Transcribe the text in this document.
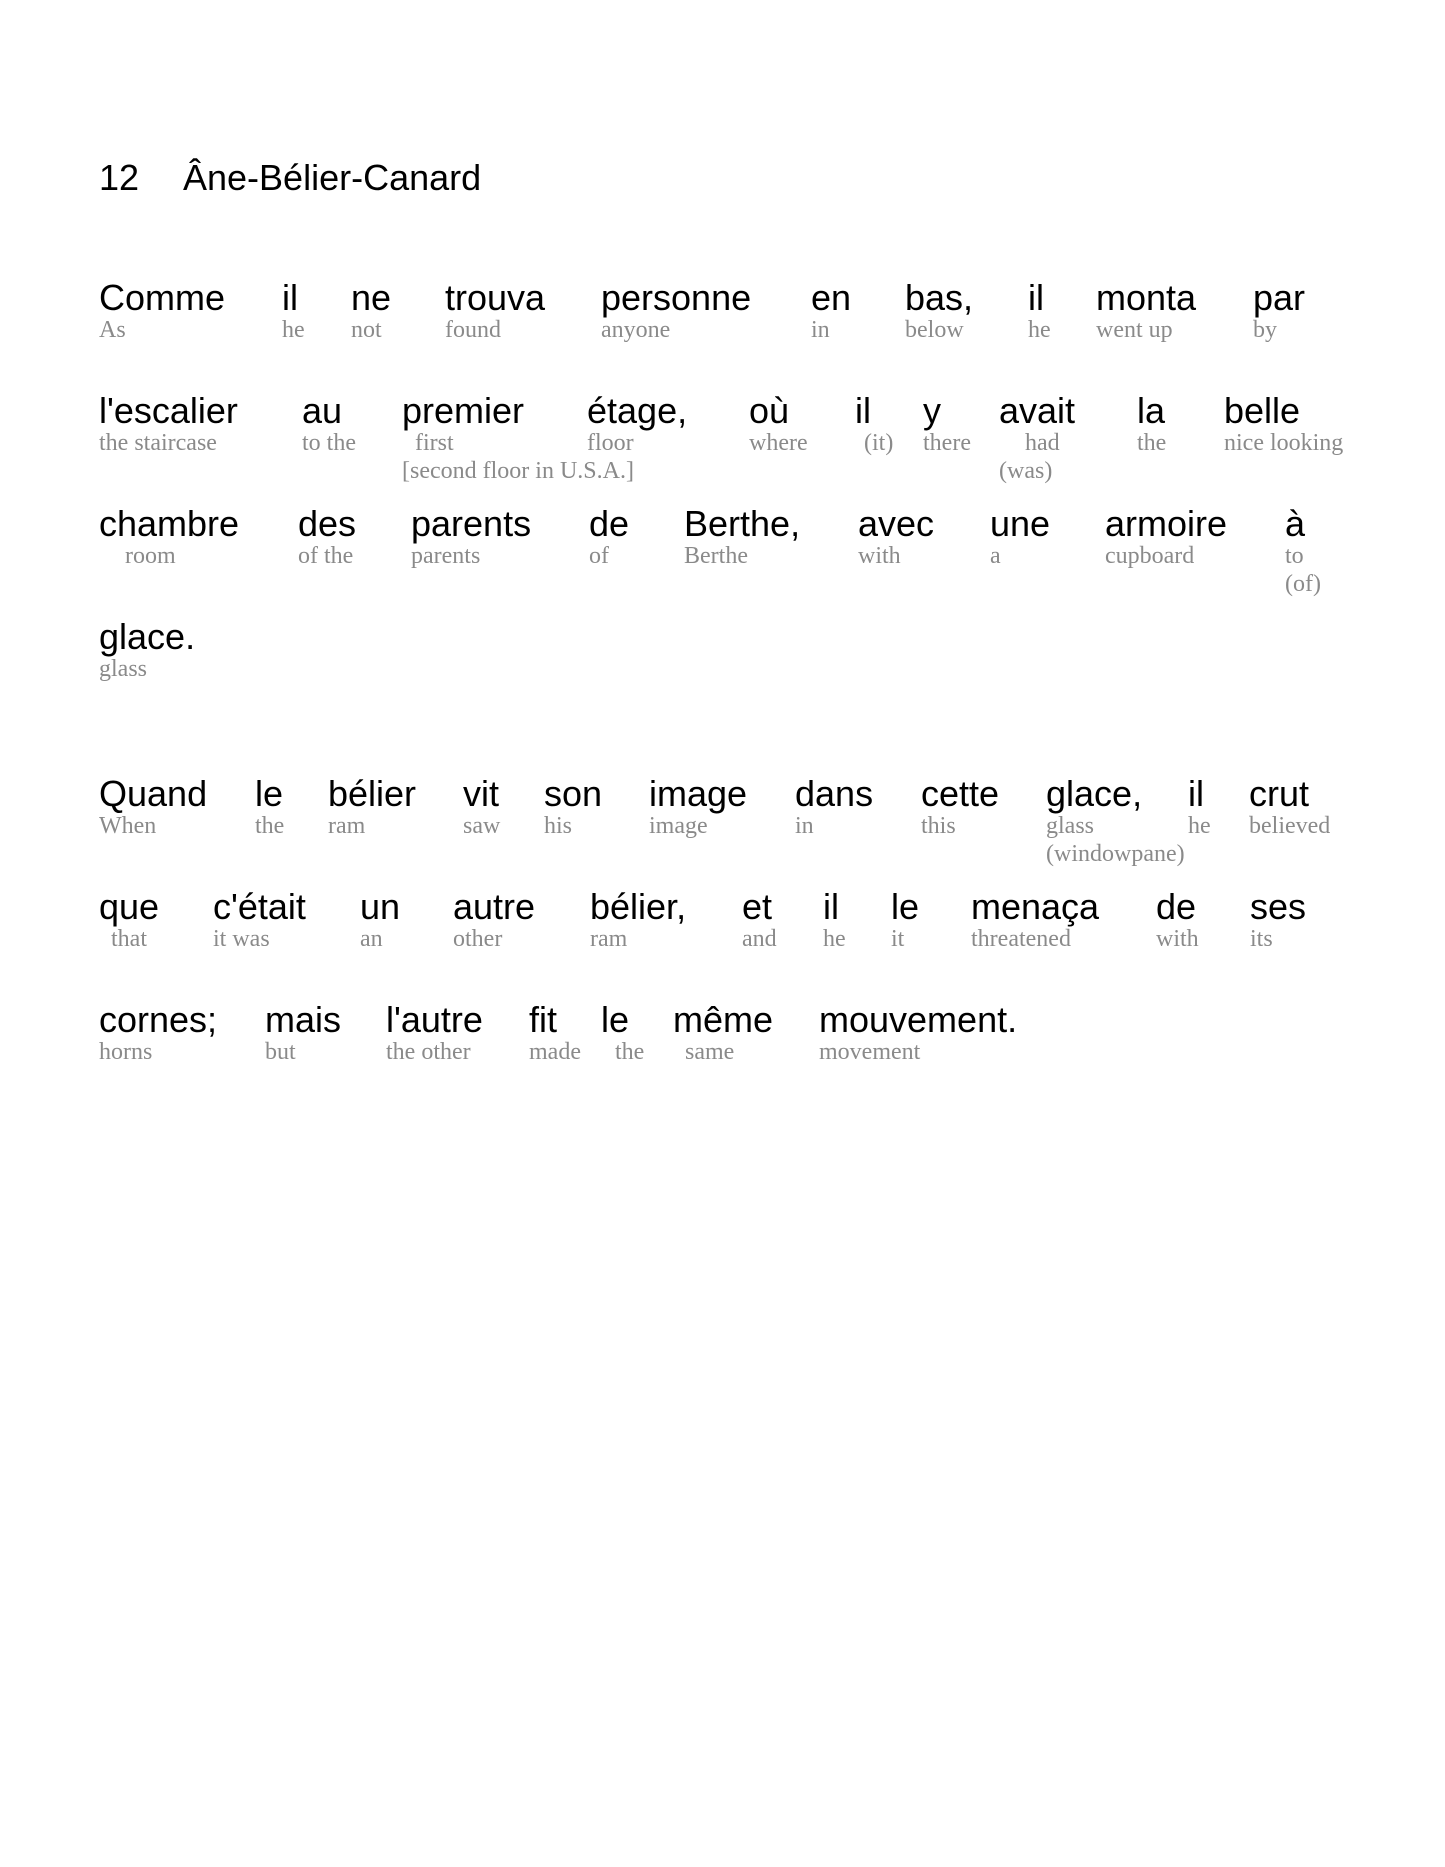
12 Âne-Bélier-Canard
Comme
As
il
he
ne
not
trouva
found
personne
anyone
en
in
bas,
below
il
he
monta
went up
par
by
l'escalier
the staircase
au
to the
premier
first
[second floor in U.S.A.]
étage,
floor
où
where
il
(it)
y
there
avait
had
(was)
la
the
belle
nice looking
chambre
room
des
of the
parents
parents
de
of
Berthe,
Berthe
avec
with
une
a
armoire
cupboard
à
to
(of)
glace.
glass
Quand
When
le
the
bélier
ram
vit
saw
son
his
image
image
dans
in
cette
this
glace,
glass
(windowpane)
il
he
crut
believed
que
that
c'était
it was
un
an
autre
other
bélier,
ram
et
and
il
he
le
it
menaça
threatened
de
with
ses
its
cornes;
horns
mais
but
l'autre
the other
fit
made
le
the
même
same
mouvement.
movement
